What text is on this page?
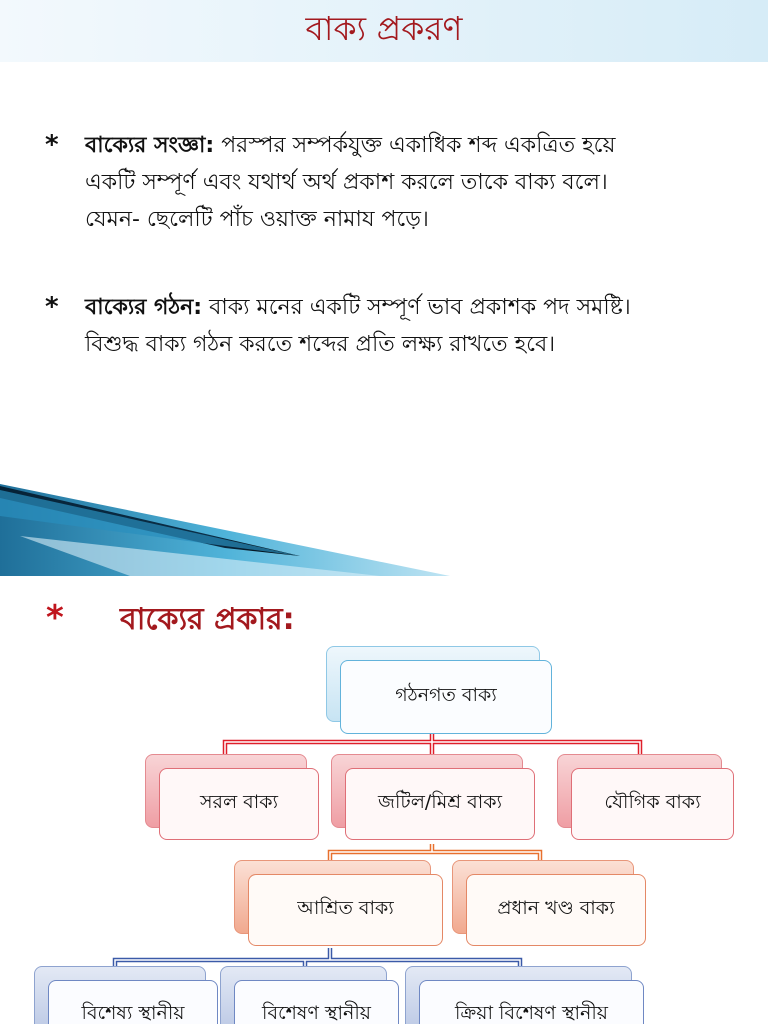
বাক্য প্রকরণ
* বাক্যের সংজ্ঞা: পরস্পর সম্পর্কযুক্ত একাধিক শব্দ একত্রিত হয়ে
একটি সম্পূর্ণ এবং যথার্থ অর্থ প্রকাশ করলে তাকে বাক্য বলে।
যেমন- ছেলেটি পাঁচ ওয়াক্ত নামায পড়ে।
* বাক্যের গঠন: বাক্য মনের একটি সম্পূর্ণ ভাব প্রকাশক পদ সমষ্টি।
বিশুদ্ধ বাক্য গঠন করতে শব্দের প্রতি লক্ষ্য রাখতে হবে।
* বাক্যের প্রকার:
গঠনগত বাক্য
সরল বাক্য	জটিল/মিশ্র বাক্য	যৌগিক বাক্য
আশ্রিত বাক্য	প্রধান খণ্ড বাক্য
বিশেষ্য স্থানীয়	বিশেষণ স্থানীয়	ক্রিয়া বিশেষণ স্থানীয়
